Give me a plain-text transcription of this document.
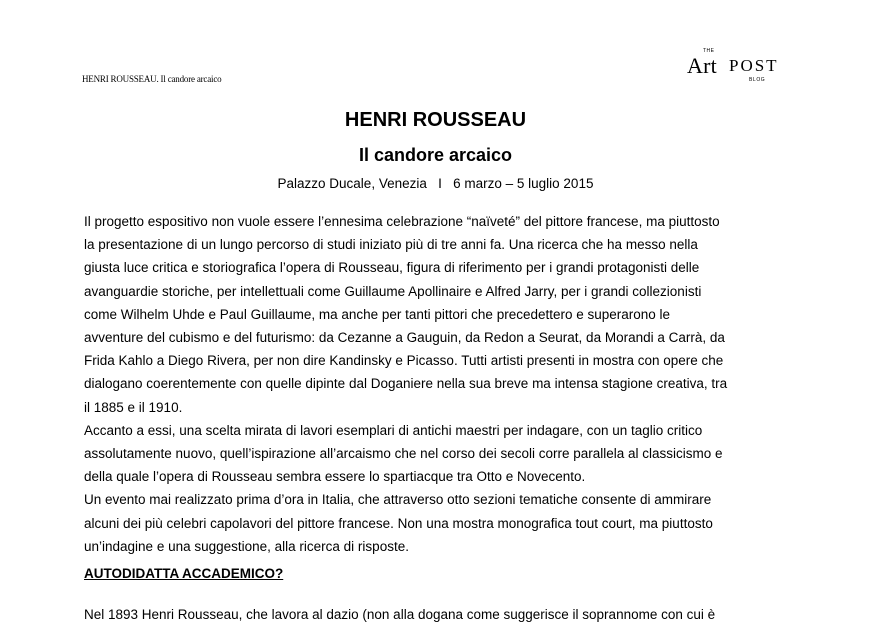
HENRI ROUSSEAU. Il candore arcaico
THE
Art POST
BLOG
HENRI ROUSSEAU
Il candore arcaico
Palazzo Ducale, Venezia   I   6 marzo – 5 luglio 2015
Il progetto espositivo non vuole essere l’ennesima celebrazione “naïveté” del pittore francese, ma piuttosto
la presentazione di un lungo percorso di studi iniziato più di tre anni fa. Una ricerca che ha messo nella
giusta luce critica e storiografica l’opera di Rousseau, figura di riferimento per i grandi protagonisti delle
avanguardie storiche, per intellettuali come Guillaume Apollinaire e Alfred Jarry, per i grandi collezionisti
come Wilhelm Uhde e Paul Guillaume, ma anche per tanti pittori che precedettero e superarono le
avventure del cubismo e del futurismo: da Cezanne a Gauguin, da Redon a Seurat, da Morandi a Carrà, da
Frida Kahlo a Diego Rivera, per non dire Kandinsky e Picasso. Tutti artisti presenti in mostra con opere che
dialogano coerentemente con quelle dipinte dal Doganiere nella sua breve ma intensa stagione creativa, tra
il 1885 e il 1910.
Accanto a essi, una scelta mirata di lavori esemplari di antichi maestri per indagare, con un taglio critico
assolutamente nuovo, quell’ispirazione all’arcaismo che nel corso dei secoli corre parallela al classicismo e
della quale l’opera di Rousseau sembra essere lo spartiacque tra Otto e Novecento.
Un evento mai realizzato prima d’ora in Italia, che attraverso otto sezioni tematiche consente di ammirare
alcuni dei più celebri capolavori del pittore francese. Non una mostra monografica tout court, ma piuttosto
un’indagine e una suggestione, alla ricerca di risposte.
AUTODIDATTA ACCADEMICO?
Nel 1893 Henri Rousseau, che lavora al dazio (non alla dogana come suggerisce il soprannome con cui è
